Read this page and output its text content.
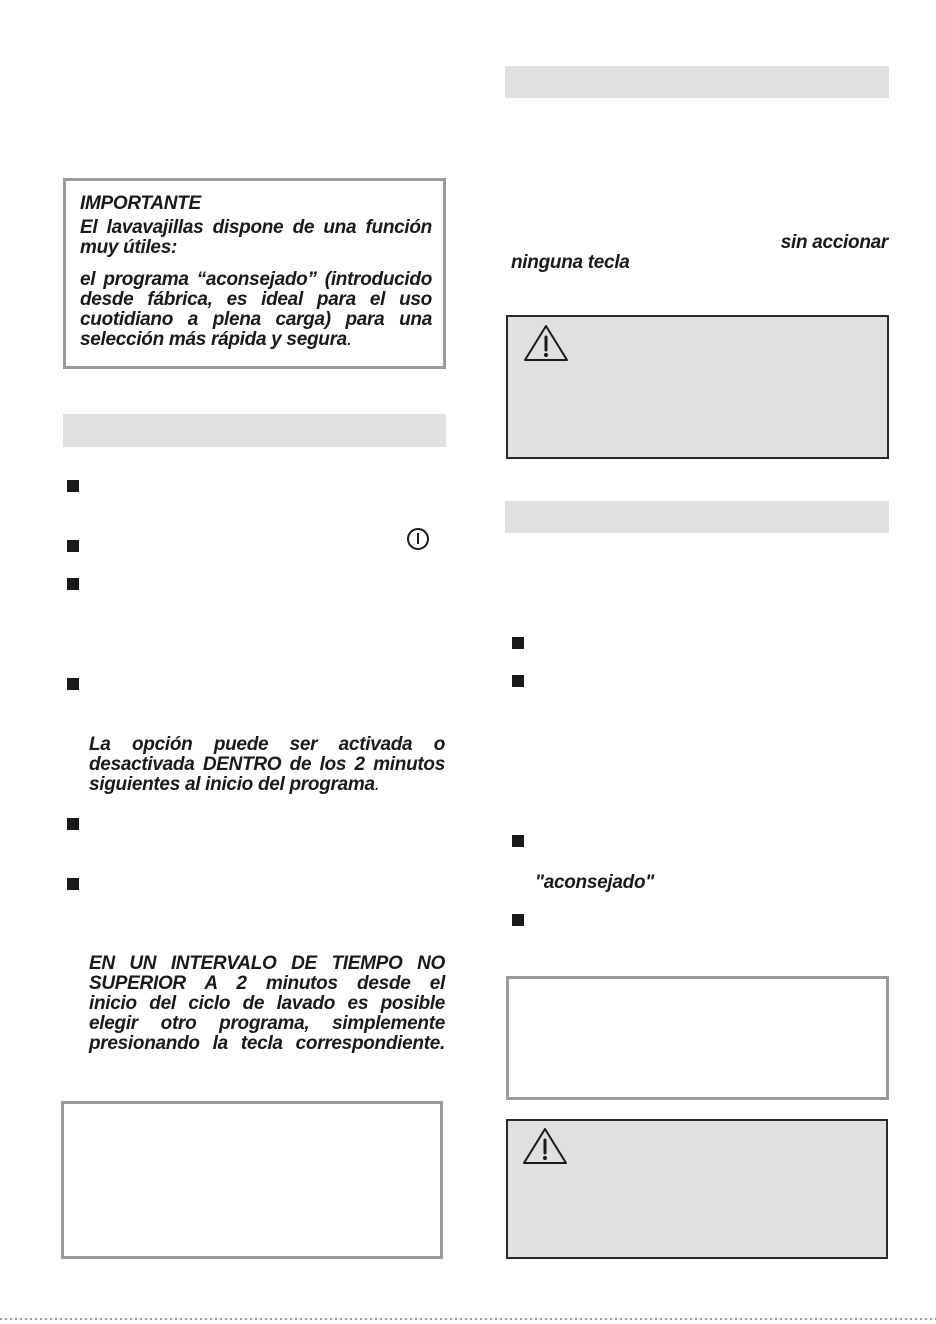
IMPORTANTE
El lavavajillas dispone de una función
muy útiles:
el programa “aconsejado” (introducido
desde fábrica, es ideal para el uso
cuotidiano a plena carga) para una
selección más rápida y segura.
La opción puede ser activada o
desactivada DENTRO de los 2 minutos
siguientes al inicio del programa.
EN UN INTERVALO DE TIEMPO NO
SUPERIOR A 2 minutos desde el
inicio del ciclo de lavado es posible
elegir otro programa, simplemente
presionando la tecla correspondiente.
sin accionar
ninguna tecla
"aconsejado"
